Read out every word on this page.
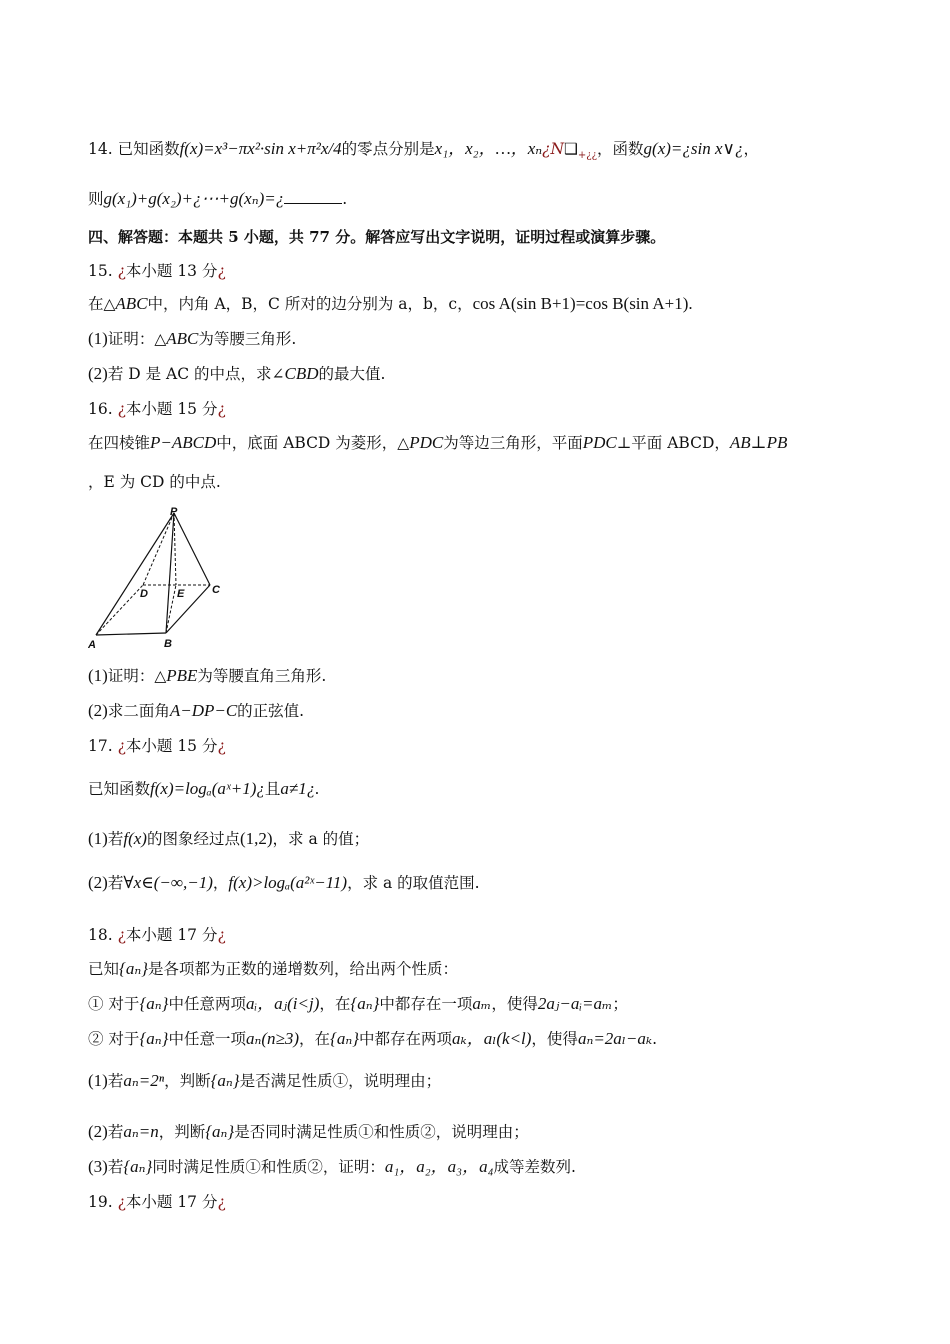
14. 已知函数f(x)=x³−πx²·sin x+π²x/4的零点分别是x₁，x₂，…，$x_n¿N❑_{+¿¿}$，函数g(x)=¿sin x∨¿，
则g(x₁)+g(x₂)+¿⋯+g(xₙ)=¿	.
四、解答题：本题共 5 小题，共 77 分。解答应写出文字说明，证明过程或演算步骤。
15. ¿本小题 13 分¿
在△ABC中，内角 A，B，C 所对的边分别为 a，b，c，cos A(sin B+1)=cos B(sin A+1).
(1)证明：△ABC为等腰三角形.
(2)若 D 是 AC 的中点，求∠CBD的最大值.
16. ¿本小题 15 分¿
在四棱锥P−ABCD中，底面 ABCD 为菱形，△PDC为等边三角形，平面PDC⊥平面 ABCD，AB⊥PB
，E 为 CD 的中点.
P
A	B
C
D	E
(1)证明：△PBE为等腰直角三角形.
(2)求二面角A−DP−C的正弦值.
17. ¿本小题 15 分¿
已知函数f(x)=logₐ(aˣ+1)¿且a≠1¿.
(1)若f(x)的图象经过点(1,2)，求 a 的值；
(2)若∀x∈(−∞,−1)，f(x)>logₐ(a²ˣ−11)，求 a 的取值范围.
18. ¿本小题 17 分¿
已知{aₙ}是各项都为正数的递增数列，给出两个性质：
① 对于{aₙ}中任意两项aᵢ，aⱼ(i<j)，在{aₙ}中都存在一项aₘ，使得2aⱼ−aᵢ=aₘ；
② 对于{aₙ}中任意一项aₙ(n≥3)，在{aₙ}中都存在两项aₖ，aₗ(k<l)，使得aₙ=2aₗ−aₖ.
(1)若aₙ=2ⁿ，判断{aₙ}是否满足性质①，说明理由；
(2)若aₙ=n，判断{aₙ}是否同时满足性质①和性质②，说明理由；
(3)若{aₙ}同时满足性质①和性质②，证明：a₁，a₂，a₃，a₄成等差数列.
19. ¿本小题 17 分¿
